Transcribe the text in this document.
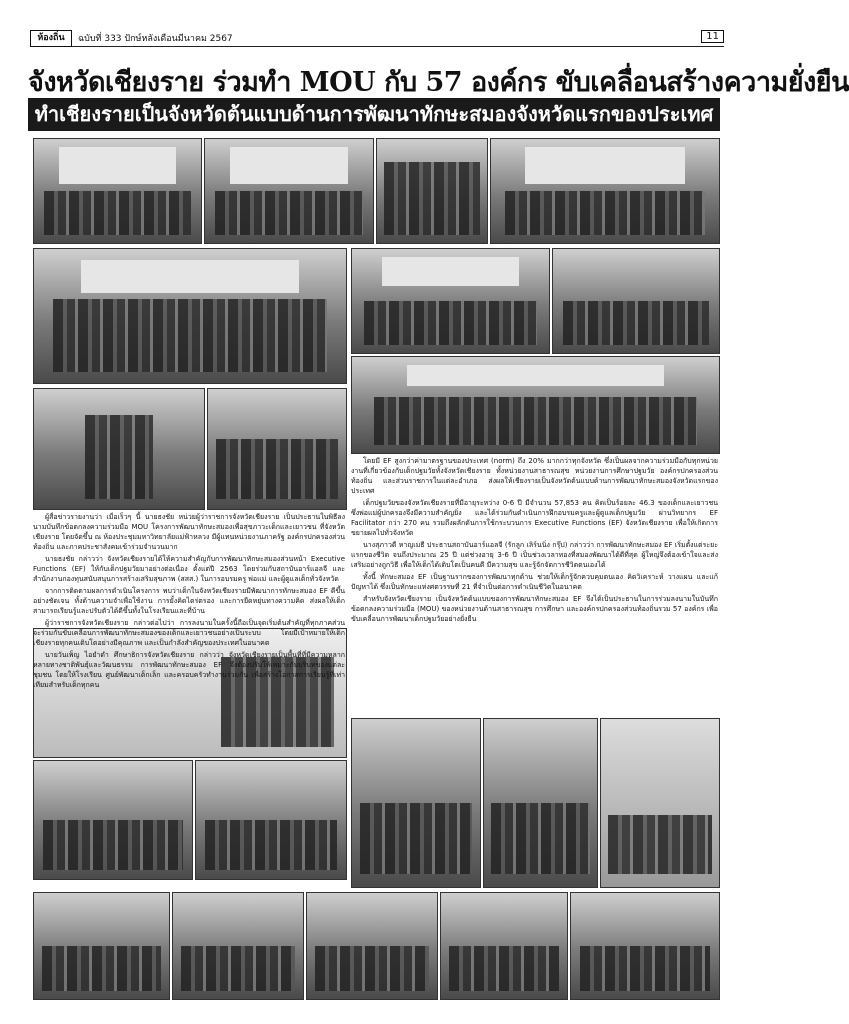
ห้องถิ่น	ฉบับที่ 333 ปักษ์หลังเดือนมีนาคม 2567	11
จังหวัดเชียงราย ร่วมทำ MOU กับ 57 องค์กร ขับเคลื่อนสร้างความยั่งยืน
ทำเชียงรายเป็นจังหวัดต้นแบบด้านการพัฒนาทักษะสมองจังหวัดแรกของประเทศ

โดยมี EF สูงกว่าค่ามาตรฐานของประเทศ (norm) ถึง 20% มากกว่าทุกจังหวัด ซึ่งเป็นผลจากความร่วมมือกับทุกหน่วยงานที่เกี่ยวข้องกับเด็กปฐมวัยทั้งจังหวัดเชียงราย ทั้งหน่วยงานสาธารณสุข หน่วยงานการศึกษาปฐมวัย องค์กรปกครองส่วนท้องถิ่น และส่วนราชการในแต่ละอำเภอ ส่งผลให้เชียงรายเป็นจังหวัดต้นแบบด้านการพัฒนาทักษะสมองจังหวัดแรกของประเทศ

เด็กปฐมวัยของจังหวัดเชียงรายที่มีอายุระหว่าง 0-6 ปี มีจำนวน 57,853 คน คิดเป็นร้อยละ 46.3 ของเด็กและเยาวชน ซึ่งพ่อแม่ผู้ปกครองจึงมีความสำคัญยิ่ง และได้ร่วมกันดำเนินการฝึกอบรมครูและผู้ดูแลเด็กปฐมวัย ผ่านวิทยากร EF Facilitator กว่า 270 คน รวมถึงผลักดันการใช้กระบวนการ Executive Functions (EF) จังหวัดเชียงราย เพื่อให้เกิดการขยายผลไปทั่วจังหวัด

นางสุภาวดี หาญเมธี ประธานสถาบันอาร์แอลจี (รักลูก เลิร์นนิ่ง กรุ๊ป) กล่าวว่า การพัฒนาทักษะสมอง EF เริ่มตั้งแต่ระยะแรกของชีวิต จนถึงประมาณ 25 ปี แต่ช่วงอายุ 3-6 ปี เป็นช่วงเวลาทองที่สมองพัฒนาได้ดีที่สุด ผู้ใหญ่จึงต้องเข้าใจและส่งเสริมอย่างถูกวิธี เพื่อให้เด็กได้เติบโตเป็นคนดี มีความสุข และรู้จักจัดการชีวิตตนเองได้

ทั้งนี้ ทักษะสมอง EF เป็นฐานรากของการพัฒนาทุกด้าน ช่วยให้เด็กรู้จักควบคุมตนเอง คิดวิเคราะห์ วางแผน และแก้ปัญหาได้ ซึ่งเป็นทักษะแห่งศตวรรษที่ 21 ที่จำเป็นต่อการดำเนินชีวิตในอนาคต

สำหรับจังหวัดเชียงราย เป็นจังหวัดต้นแบบของการพัฒนาทักษะสมอง EF จึงได้เป็นประธานในการร่วมลงนามในบันทึกข้อตกลงความร่วมมือ (MOU) ของหน่วยงานด้านสาธารณสุข การศึกษา และองค์กรปกครองส่วนท้องถิ่นรวม 57 องค์กร เพื่อขับเคลื่อนการพัฒนาเด็กปฐมวัยอย่างยั่งยืน

ผู้สื่อข่าวรายงานว่า เมื่อเร็วๆ นี้ นายธงชัย หน่วยผู้ว่าราชการจังหวัดเชียงราย เป็นประธานในพิธีลงนามบันทึกข้อตกลงความร่วมมือ MOU โครงการพัฒนาทักษะสมองเพื่อสุขภาวะเด็กและเยาวชน ที่จังหวัดเชียงราย โดยจัดขึ้น ณ ห้องประชุมมหาวิทยาลัยแม่ฟ้าหลวง มีผู้แทนหน่วยงานภาครัฐ องค์กรปกครองส่วนท้องถิ่น และภาคประชาสังคมเข้าร่วมจำนวนมาก

นายธงชัย กล่าวว่า จังหวัดเชียงรายได้ให้ความสำคัญกับการพัฒนาทักษะสมองส่วนหน้า Executive Functions (EF) ให้กับเด็กปฐมวัยมาอย่างต่อเนื่อง ตั้งแต่ปี 2563 โดยร่วมกับสถาบันอาร์แอลจี และสำนักงานกองทุนสนับสนุนการสร้างเสริมสุขภาพ (สสส.) ในการอบรมครู พ่อแม่ และผู้ดูแลเด็กทั่วจังหวัด

จากการติดตามผลการดำเนินโครงการ พบว่าเด็กในจังหวัดเชียงรายมีพัฒนาการทักษะสมอง EF ดีขึ้นอย่างชัดเจน ทั้งด้านความจำเพื่อใช้งาน การยั้งคิดไตร่ตรอง และการยืดหยุ่นทางความคิด ส่งผลให้เด็กสามารถเรียนรู้และปรับตัวได้ดีขึ้นทั้งในโรงเรียนและที่บ้าน

ผู้ว่าราชการจังหวัดเชียงราย กล่าวต่อไปว่า การลงนามในครั้งนี้ถือเป็นจุดเริ่มต้นสำคัญที่ทุกภาคส่วนจะร่วมกันขับเคลื่อนการพัฒนาทักษะสมองของเด็กและเยาวชนอย่างเป็นระบบ โดยมีเป้าหมายให้เด็กเชียงรายทุกคนเติบโตอย่างมีคุณภาพ และเป็นกำลังสำคัญของประเทศในอนาคต

นายวันเพ็ญ ไอยำดำ ศึกษาธิการจังหวัดเชียงราย กล่าวว่า จังหวัดเชียงรายเป็นพื้นที่ที่มีความหลากหลายทางชาติพันธุ์และวัฒนธรรม การพัฒนาทักษะสมอง EF จึงต้องปรับให้เหมาะกับบริบทของแต่ละชุมชน โดยให้โรงเรียน ศูนย์พัฒนาเด็กเล็ก และครอบครัวทำงานร่วมกัน เพื่อสร้างโอกาสการเรียนรู้ที่เท่าเทียมสำหรับเด็กทุกคน
